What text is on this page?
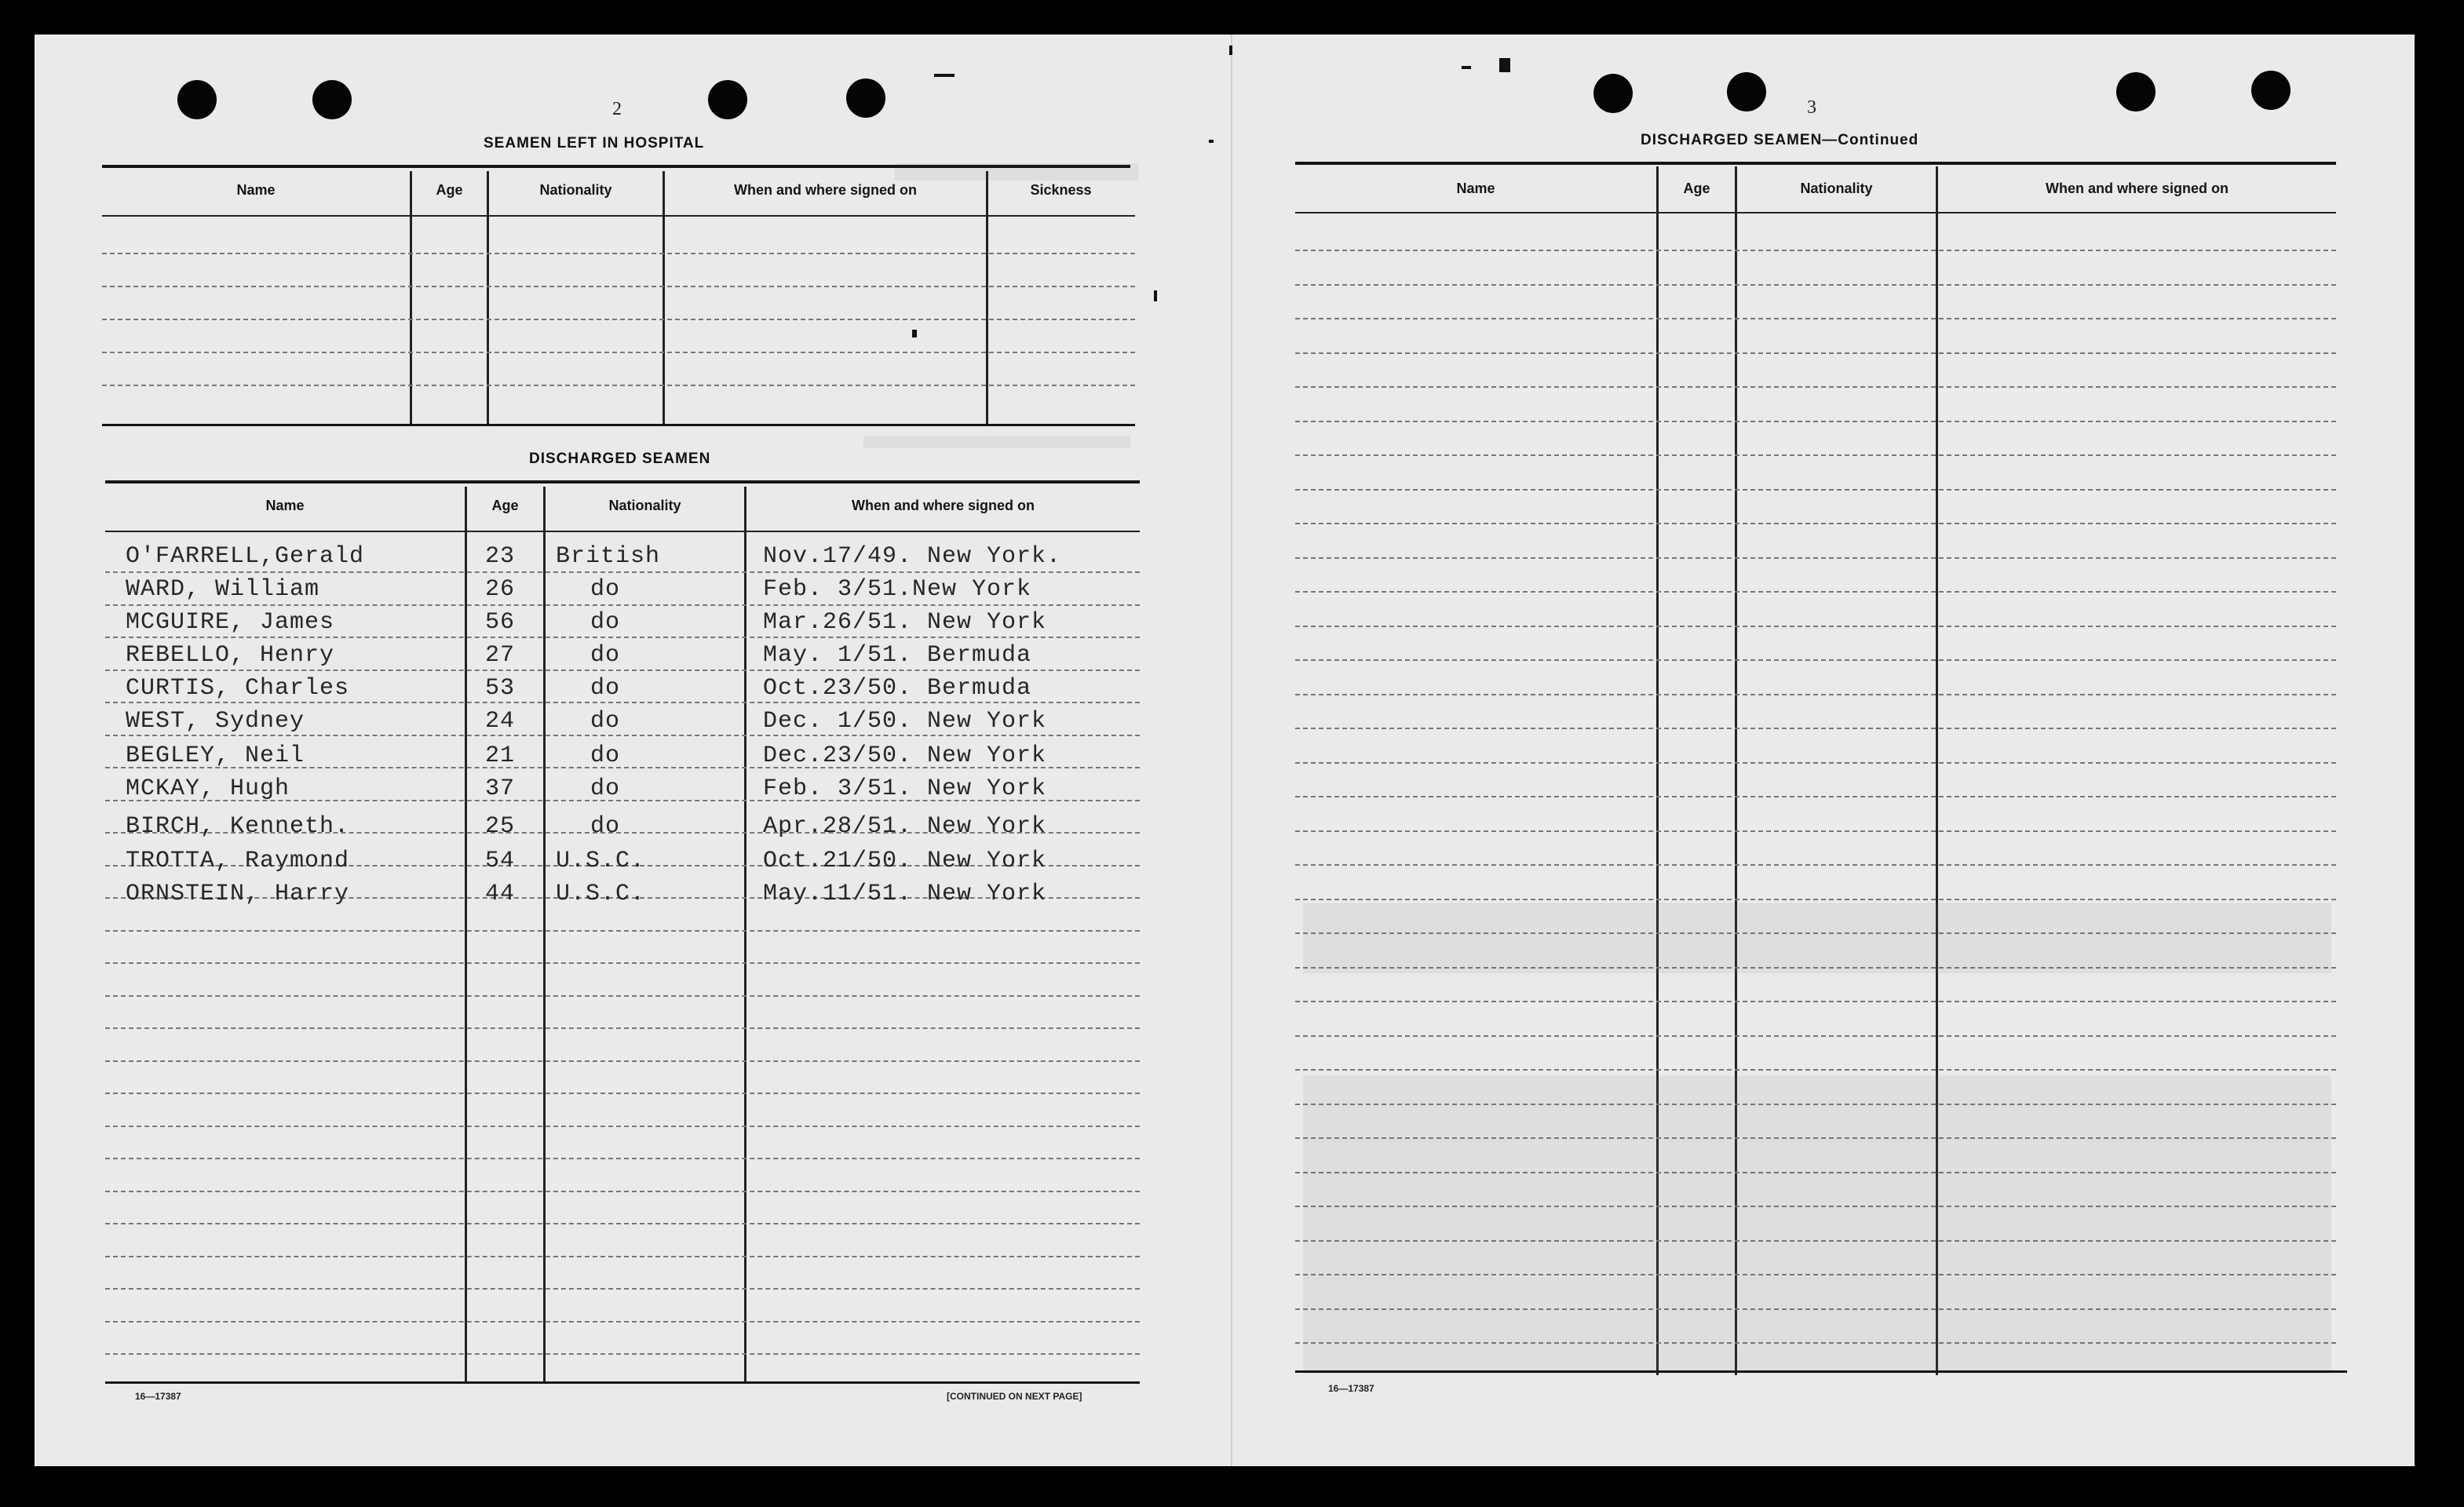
2
SEAMEN LEFT IN HOSPITAL
Name	Age	Nationality	When and where signed on	Sickness
DISCHARGED SEAMEN
Name	Age	Nationality	When and where signed on
O'FARRELL,Gerald	23 British	Nov.17/49. New York.
WARD, William	26	do	Feb. 3/51.New York
MCGUIRE, James	56	do	Mar.26/51. New York
REBELLO, Henry	27	do	May. 1/51. Bermuda
CURTIS, Charles	53	do	Oct.23/50. Bermuda
WEST, Sydney	24	do	Dec. 1/50. New York
BEGLEY, Neil	21	do	Dec.23/50. New York
MCKAY, Hugh	37	do	Feb. 3/51. New York
BIRCH, Kenneth.	25	do	Apr.28/51. New York
TROTTA, Raymond	54 U.S.C.	Oct.21/50. New York
ORNSTEIN, Harry	44 U.S.C.	May.11/51. New York
16—17387	[CONTINUED ON NEXT PAGE]
3
DISCHARGED SEAMEN—Continued
Name	Age	Nationality	When and where signed on
16—17387
